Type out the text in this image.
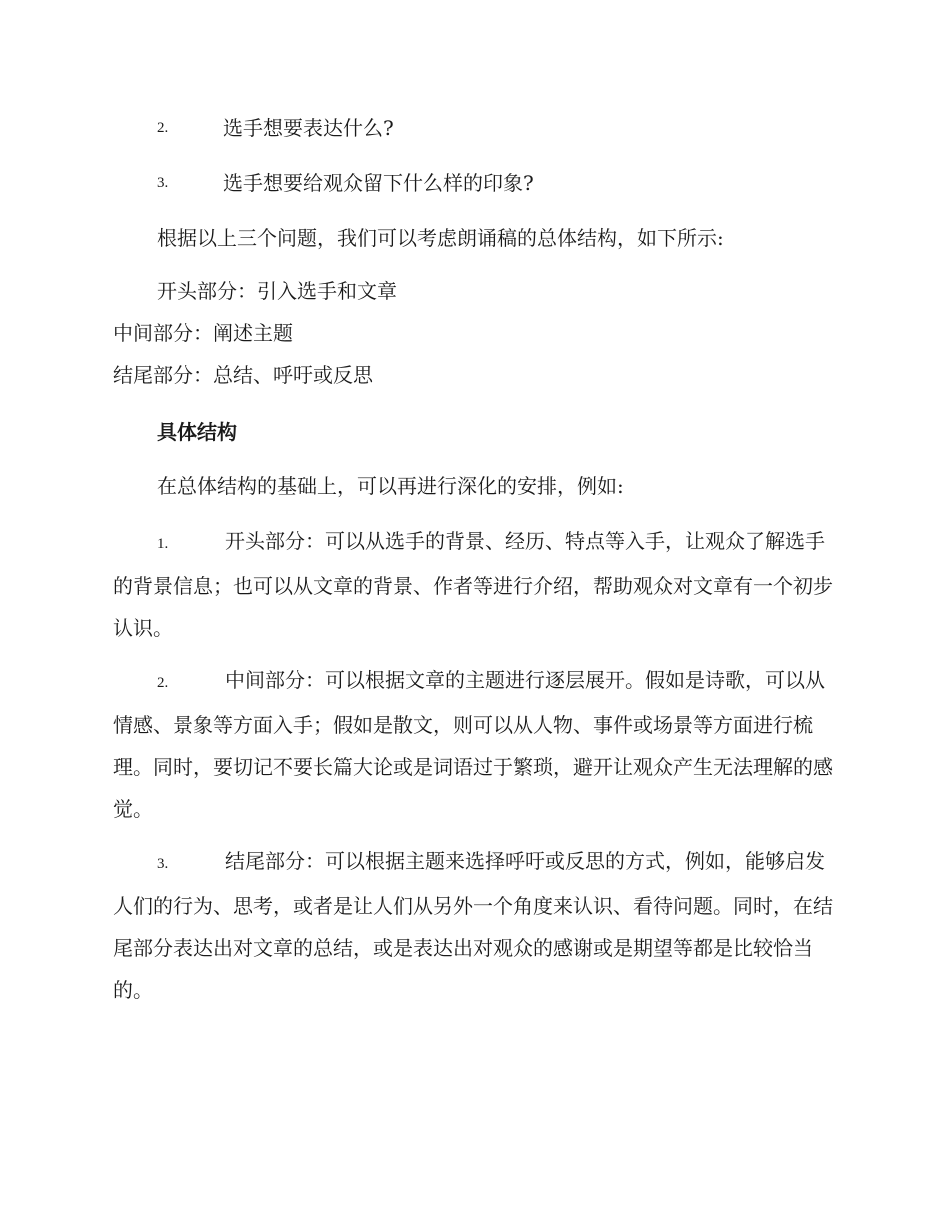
2.	选手想要表达什么?
3.	选手想要给观众留下什么样的印象?
根据以上三个问题，我们可以考虑朗诵稿的总体结构，如下所示:
开头部分：引入选手和文章
中间部分：阐述主题
结尾部分：总结、呼吁或反思
具体结构
在总体结构的基础上，可以再进行深化的安排，例如:
1.	开头部分：可以从选手的背景、经历、特点等入手，让观众了解选手的背景信息；也可以从文章的背景、作者等进行介绍，帮助观众对文章有一个初步认识。
2.	中间部分：可以根据文章的主题进行逐层展开。假如是诗歌，可以从情感、景象等方面入手；假如是散文，则可以从人物、事件或场景等方面进行梳理。同时，要切记不要长篇大论或是词语过于繁琐，避开让观众产生无法理解的感觉。
3.	结尾部分：可以根据主题来选择呼吁或反思的方式，例如，能够启发人们的行为、思考，或者是让人们从另外一个角度来认识、看待问题。同时，在结尾部分表达出对文章的总结，或是表达出对观众的感谢或是期望等都是比较恰当的。
